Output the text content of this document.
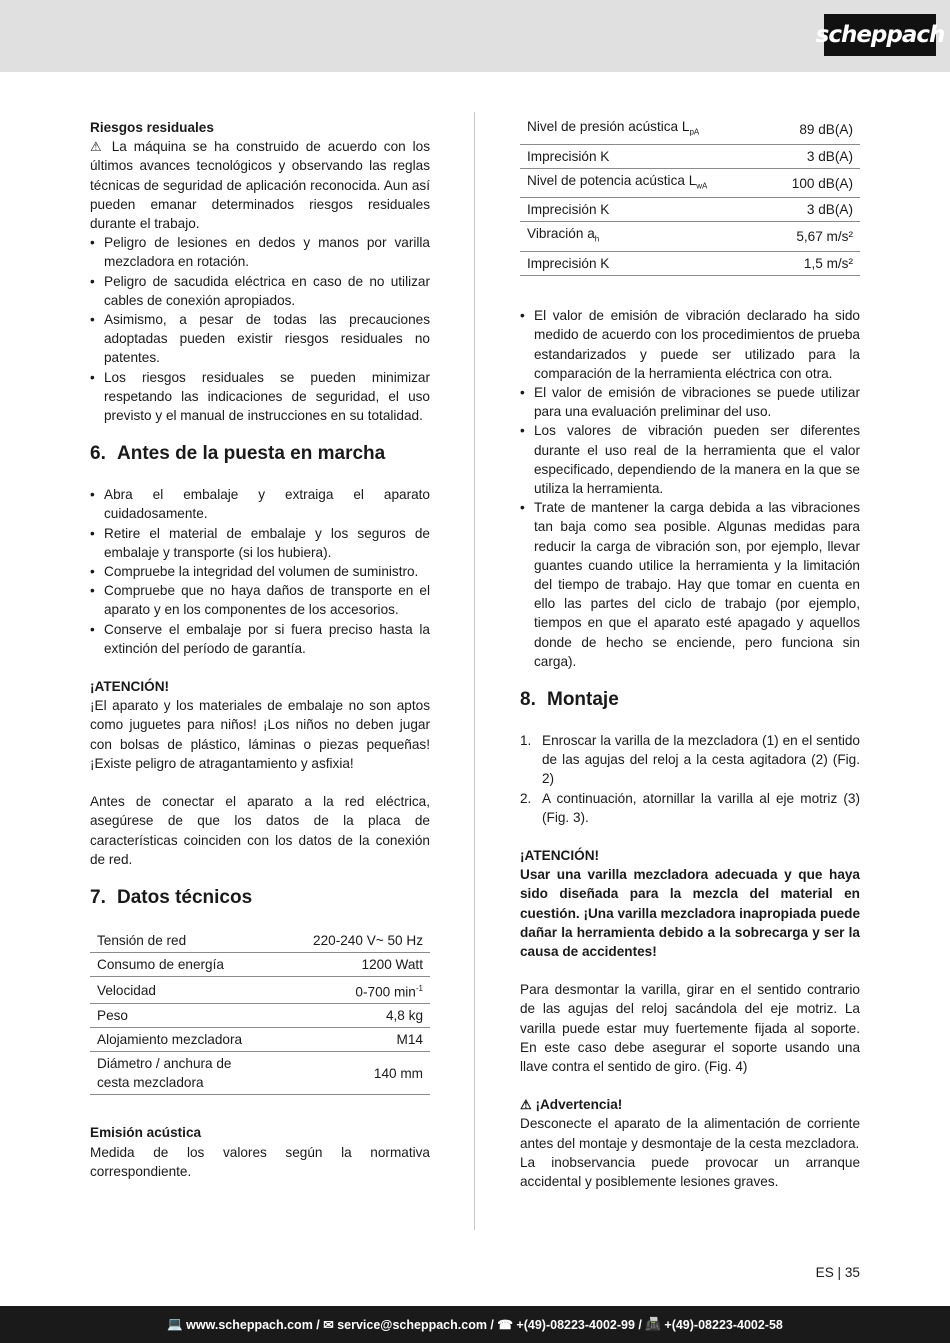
scheppach

Riesgos residuales

⚠ La máquina se ha construido de acuerdo con los últimos avances tecnológicos y observando las reglas técnicas de seguridad de aplicación reconocida. Aun así pueden emanar determinados riesgos residuales durante el trabajo.

• Peligro de lesiones en dedos y manos por varilla mezcladora en rotación.
• Peligro de sacudida eléctrica en caso de no utilizar cables de conexión apropiados.
• Asimismo, a pesar de todas las precauciones adoptadas pueden existir riesgos residuales no patentes.
• Los riesgos residuales se pueden minimizar respetando las indicaciones de seguridad, el uso previsto y el manual de instrucciones en su totalidad.
6. Antes de la puesta en marcha
• Abra el embalaje y extraiga el aparato cuidadosamente.
• Retire el material de embalaje y los seguros de embalaje y transporte (si los hubiera).
• Compruebe la integridad del volumen de suministro.
• Compruebe que no haya daños de transporte en el aparato y en los componentes de los accesorios.
• Conserve el embalaje por si fuera preciso hasta la extinción del período de garantía.

¡ATENCIÓN!

¡El aparato y los materiales de embalaje no son aptos como juguetes para niños! ¡Los niños no deben jugar con bolsas de plástico, láminas o piezas pequeñas! ¡Existe peligro de atragantamiento y asfixia!

Antes de conectar el aparato a la red eléctrica, asegúrese de que los datos de la placa de características coinciden con los datos de la conexión de red.

7. Datos técnicos
Tensión de red	220-240 V~ 50 Hz
Consumo de energía	1200 Watt
Velocidad	0-700 $\min^{-1}$
Peso	4,8 kg
Alojamiento mezcladora	M14
Diámetro / anchura de cesta mezcladora	140 mm

Emisión acústica

Medida de los valores según la normativa correspondiente.

Nivel de presión acústica $L_{pA}$	89 dB(A)
Imprecisión K	3 dB(A)
Nivel de potencia acústica $L_{wA}$	100 dB(A)
Imprecisión K	3 dB(A)
Vibración $a_h$	5,67 m/s²
Imprecisión K	1,5 m/s²
• El valor de emisión de vibración declarado ha sido medido de acuerdo con los procedimientos de prueba estandarizados y puede ser utilizado para la comparación de la herramienta eléctrica con otra.
• El valor de emisión de vibraciones se puede utilizar para una evaluación preliminar del uso.
• Los valores de vibración pueden ser diferentes durante el uso real de la herramienta que el valor especificado, dependiendo de la manera en la que se utiliza la herramienta.
• Trate de mantener la carga debida a las vibraciones tan baja como sea posible. Algunas medidas para reducir la carga de vibración son, por ejemplo, llevar guantes cuando utilice la herramienta y la limitación del tiempo de trabajo. Hay que tomar en cuenta en ello las partes del ciclo de trabajo (por ejemplo, tiempos en que el aparato esté apagado y aquellos donde de hecho se enciende, pero funciona sin carga).
8. Montaje
1. Enroscar la varilla de la mezcladora (1) en el sentido de las agujas del reloj a la cesta agitadora (2) (Fig. 2)
2. A continuación, atornillar la varilla al eje motriz (3) (Fig. 3).

¡ATENCIÓN!

Usar una varilla mezcladora adecuada y que haya sido diseñada para la mezcla del material en cuestión. ¡Una varilla mezcladora inapropiada puede dañar la herramienta debido a la sobrecarga y ser la causa de accidentes!

Para desmontar la varilla, girar en el sentido contrario de las agujas del reloj sacándola del eje motriz. La varilla puede estar muy fuertemente fijada al soporte. En este caso debe asegurar el soporte usando una llave contra el sentido de giro. (Fig. 4)

⚠ ¡Advertencia!

Desconecte el aparato de la alimentación de corriente antes del montaje y desmontaje de la cesta mezcladora.

La inobservancia puede provocar un arranque accidental y posiblemente lesiones graves.

ES | 35
💻 www.scheppach.com / ✉ service@scheppach.com / ☎ +(49)-08223-4002-99 / 📠 +(49)-08223-4002-58
